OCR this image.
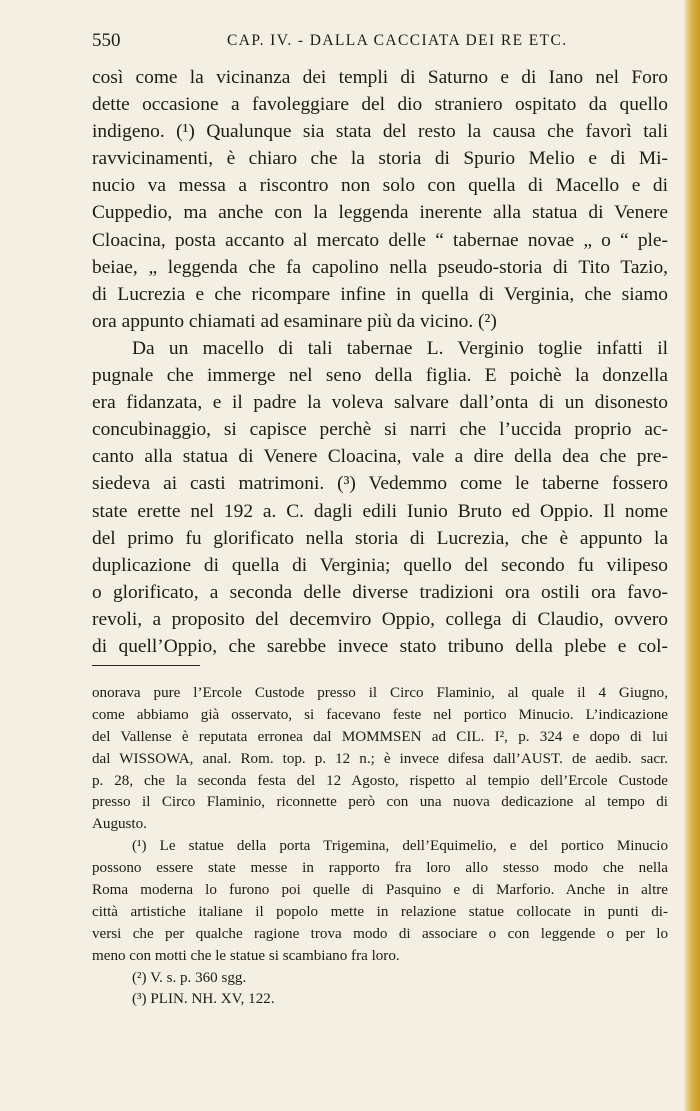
550	CAP. IV. - DALLA CACCIATA DEI RE ETC.
così come la vicinanza dei templi di Saturno e di Iano nel Foro
dette occasione a favoleggiare del dio straniero ospitato da quello
indigeno. (¹) Qualunque sia stata del resto la causa che favorì tali
ravvicinamenti, è chiaro che la storia di Spurio Melio e di Mi-
nucio va messa a riscontro non solo con quella di Macello e di
Cuppedio, ma anche con la leggenda inerente alla statua di Venere
Cloacina, posta accanto al mercato delle “ tabernae novae „ o “ ple-
beiae, „ leggenda che fa capolino nella pseudo-storia di Tito Tazio,
di Lucrezia e che ricompare infine in quella di Verginia, che siamo
ora appunto chiamati ad esaminare più da vicino. (²)
Da un macello di tali tabernae L. Verginio toglie infatti il
pugnale che immerge nel seno della figlia. E poichè la donzella
era fidanzata, e il padre la voleva salvare dall’onta di un disonesto
concubinaggio, si capisce perchè si narri che l’uccida proprio ac-
canto alla statua di Venere Cloacina, vale a dire della dea che pre-
siedeva ai casti matrimoni. (³) Vedemmo come le taberne fossero
state erette nel 192 a. C. dagli edili Iunio Bruto ed Oppio. Il nome
del primo fu glorificato nella storia di Lucrezia, che è appunto la
duplicazione di quella di Verginia; quello del secondo fu vilipeso
o glorificato, a seconda delle diverse tradizioni ora ostili ora favo-
revoli, a proposito del decemviro Oppio, collega di Claudio, ovvero
di quell’Oppio, che sarebbe invece stato tribuno della plebe e col-
onorava pure l’Ercole Custode presso il Circo Flaminio, al quale il 4 Giugno,
come abbiamo già osservato, si facevano feste nel portico Minucio. L’indicazione
del Vallense è reputata erronea dal MOMMSEN ad CIL. I², p. 324 e dopo di lui
dal WISSOWA, anal. Rom. top. p. 12 n.; è invece difesa dall’AUST. de aedib. sacr.
p. 28, che la seconda festa del 12 Agosto, rispetto al tempio dell’Ercole Custode
presso il Circo Flaminio, riconnette però con una nuova dedicazione al tempo di
Augusto.
(¹) Le statue della porta Trigemina, dell’Equimelio, e del portico Minucio
possono essere state messe in rapporto fra loro allo stesso modo che nella
Roma moderna lo furono poi quelle di Pasquino e di Marforio. Anche in altre
città artistiche italiane il popolo mette in relazione statue collocate in punti di-
versi che per qualche ragione trova modo di associare o con leggende o per lo
meno con motti che le statue si scambiano fra loro.
(²) V. s. p. 360 sgg.
(³) PLIN. NH. XV, 122.
